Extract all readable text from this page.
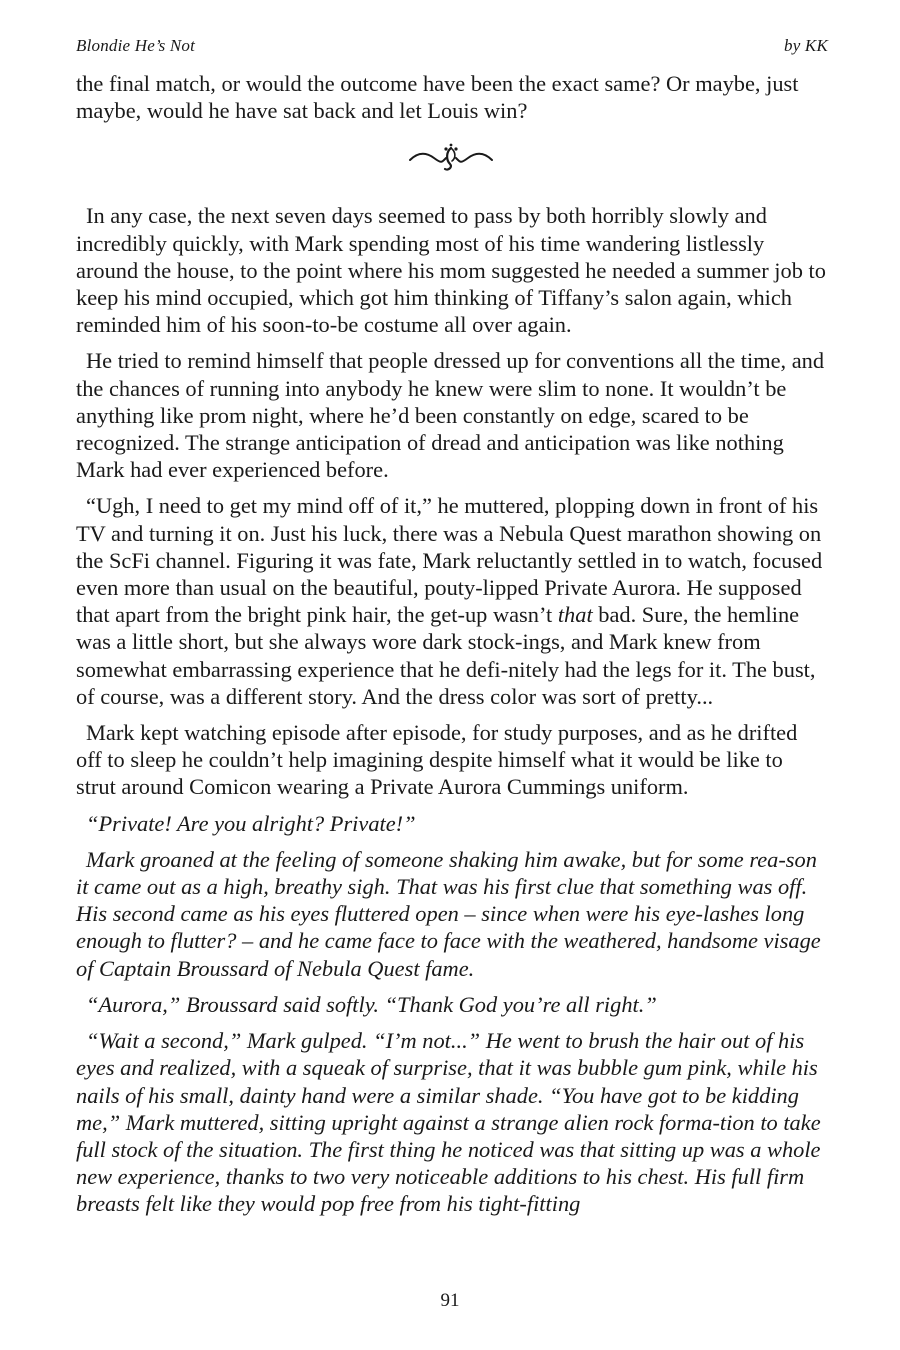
Blondie He’s Not	by KK

the final match, or would the outcome have been the exact same? Or maybe, just maybe, would he have sat back and let Louis win?

In any case, the next seven days seemed to pass by both horribly slowly and incredibly quickly, with Mark spending most of his time wandering listlessly around the house, to the point where his mom suggested he needed a summer job to keep his mind occupied, which got him thinking of Tiffany’s salon again, which reminded him of his soon-to-be costume all over again.

He tried to remind himself that people dressed up for conventions all the time, and the chances of running into anybody he knew were slim to none. It wouldn’t be anything like prom night, where he’d been constantly on edge, scared to be recognized. The strange anticipation of dread and anticipation was like nothing Mark had ever experienced before.

“Ugh, I need to get my mind off of it,” he muttered, plopping down in front of his TV and turning it on. Just his luck, there was a Nebula Quest marathon showing on the ScFi channel. Figuring it was fate, Mark reluctantly settled in to watch, focused even more than usual on the beautiful, pouty-lipped Private Aurora. He supposed that apart from the bright pink hair, the get-up wasn’t that bad. Sure, the hemline was a little short, but she always wore dark stock-ings, and Mark knew from somewhat embarrassing experience that he defi-nitely had the legs for it. The bust, of course, was a different story. And the dress color was sort of pretty...

Mark kept watching episode after episode, for study purposes, and as he drifted off to sleep he couldn’t help imagining despite himself what it would be like to strut around Comicon wearing a Private Aurora Cummings uniform.

“Private! Are you alright? Private!”

Mark groaned at the feeling of someone shaking him awake, but for some rea-son it came out as a high, breathy sigh. That was his first clue that something was off. His second came as his eyes fluttered open – since when were his eye-lashes long enough to flutter? – and he came face to face with the weathered, handsome visage of Captain Broussard of Nebula Quest fame.

“Aurora,” Broussard said softly. “Thank God you’re all right.”

“Wait a second,” Mark gulped. “I’m not...” He went to brush the hair out of his eyes and realized, with a squeak of surprise, that it was bubble gum pink, while his nails of his small, dainty hand were a similar shade. “You have got to be kidding me,” Mark muttered, sitting upright against a strange alien rock forma-tion to take full stock of the situation. The first thing he noticed was that sitting up was a whole new experience, thanks to two very noticeable additions to his chest. His full firm breasts felt like they would pop free from his tight-fitting

91
